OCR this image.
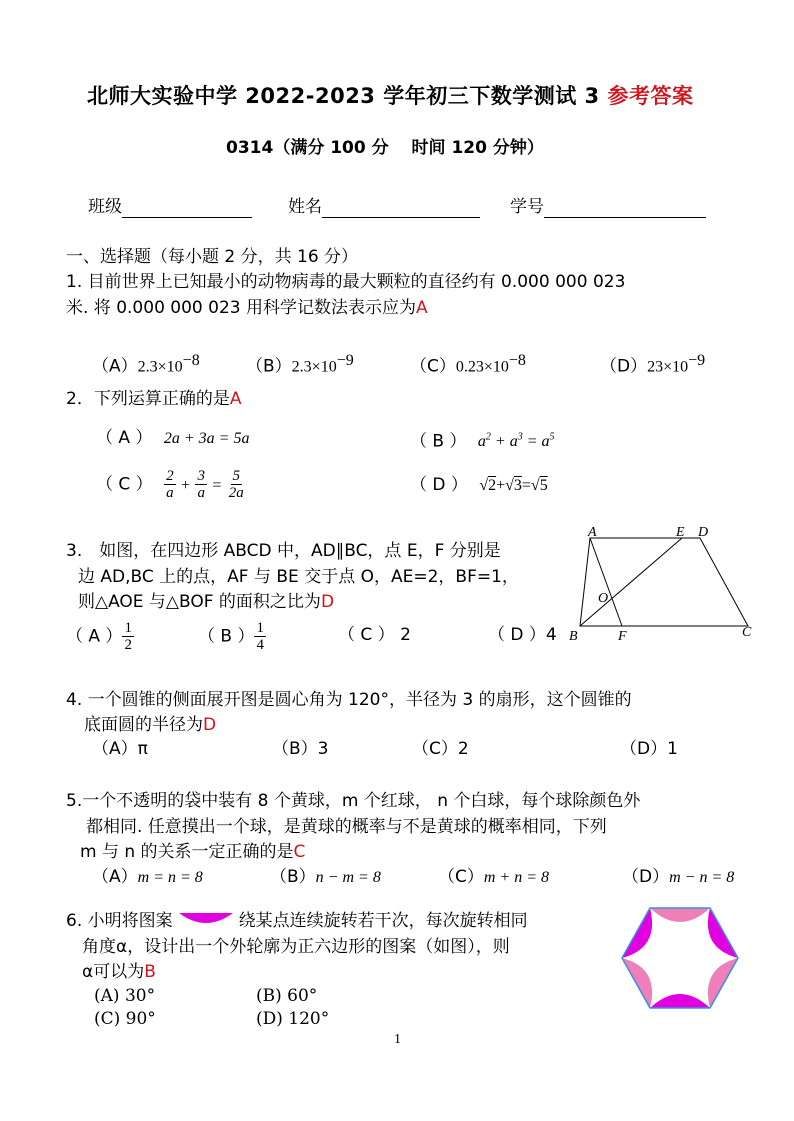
北师大实验中学 2022-2023 学年初三下数学测试 3 参考答案
0314（满分 100 分　 时间 120 分钟）
班级	姓名	学号
一、选择题（每小题 2 分，共 16 分）
1. 目前世界上已知最小的动物病毒的最大颗粒的直径约有 0.000 000 023
米. 将 0.000 000 023 用科学记数法表示应为A
$(A)2.3\times 10^{-8}$	$(B)2.3\times 10^{-9}$	$(C)0.23\times 10^{-8}$	$(D)23\times 10^{-9}$
2．下列运算正确的是A
（ A ） 2a + 3a = 5a	（ B ） $a^2 + a^3 = a^5$
（ C ） $\frac{2}{a} + \frac{3}{a} = \frac{5}{2a}$	（ D ） √2+√3=√5
3.　如图，在四边形 ABCD 中，AD∥BC，点 E，F 分别是
边 AD,BC 上的点，AF 与 BE 交于点 O，AE=2，BF=1，
则△AOE 与△BOF 的面积之比为D
（ A ） $\frac{1}{2}$	（ B ） $\frac{1}{4}$	（ C ） 2	（ D ）4
A	E D
B	F	C
O
4. 一个圆锥的侧面展开图是圆心角为 120°，半径为 3 的扇形，这个圆锥的
底面圆的半径为D
（A）π	（B）3	（C）2	（D）1
5.一个不透明的袋中装有 8 个黄球，m 个红球， n 个白球，每个球除颜色外
都相同. 任意摸出一个球，是黄球的概率与不是黄球的概率相同，下列
m 与 n 的关系一定正确的是C
（A）m = n = 8	（B）n − m = 8	（C）m + n = 8	（D）m − n = 8
6. 小明将图案	绕某点连续旋转若干次，每次旋转相同
角度α，设计出一个外轮廓为正六边形的图案（如图），则
α可以为B
(A) 30°	(B) 60°
(C) 90°	(D) 120°
1
